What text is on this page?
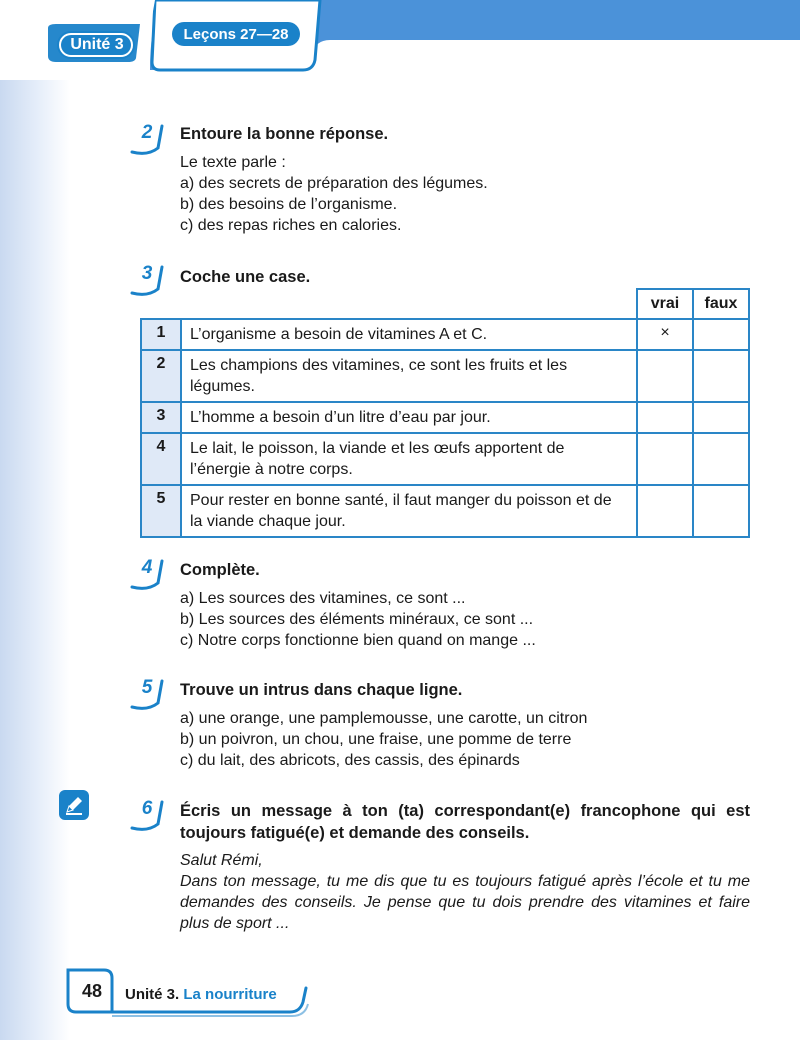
Unité 3
Leçons 27—28
2 Entoure la bonne réponse.
Le texte parle :
a) des secrets de préparation des légumes.
b) des besoins de l’organisme.
c) des repas riches en calories.
3 Coche une case.
		vrai	faux
1	L’organisme a besoin de vitamines A et C.	×	
2	Les champions des vitamines, ce sont les fruits et les légumes.		
3	L’homme a besoin d’un litre d’eau par jour.		
4	Le lait, le poisson, la viande et les œufs apportent de l’énergie à notre corps.		
5	Pour rester en bonne santé, il faut manger du poisson et de la viande chaque jour.		
4 Complète.
a) Les sources des vitamines, ce sont ...
b) Les sources des éléments minéraux, ce sont ...
c) Notre corps fonctionne bien quand on mange ...
5 Trouve un intrus dans chaque ligne.
a) une orange, une pamplemousse, une carotte, un citron
b) un poivron, un chou, une fraise, une pomme de terre
c) du lait, des abricots, des cassis, des épinards
6 Écris un message à ton (ta) correspondant(e) francophone qui est toujours fatigué(e) et demande des conseils.
Salut Rémi,
Dans ton message, tu me dis que tu es toujours fatigué après l’école et tu me demandes des conseils. Je pense que tu dois prendre des vitamines et faire plus de sport ...
48	Unité 3. La nourriture
